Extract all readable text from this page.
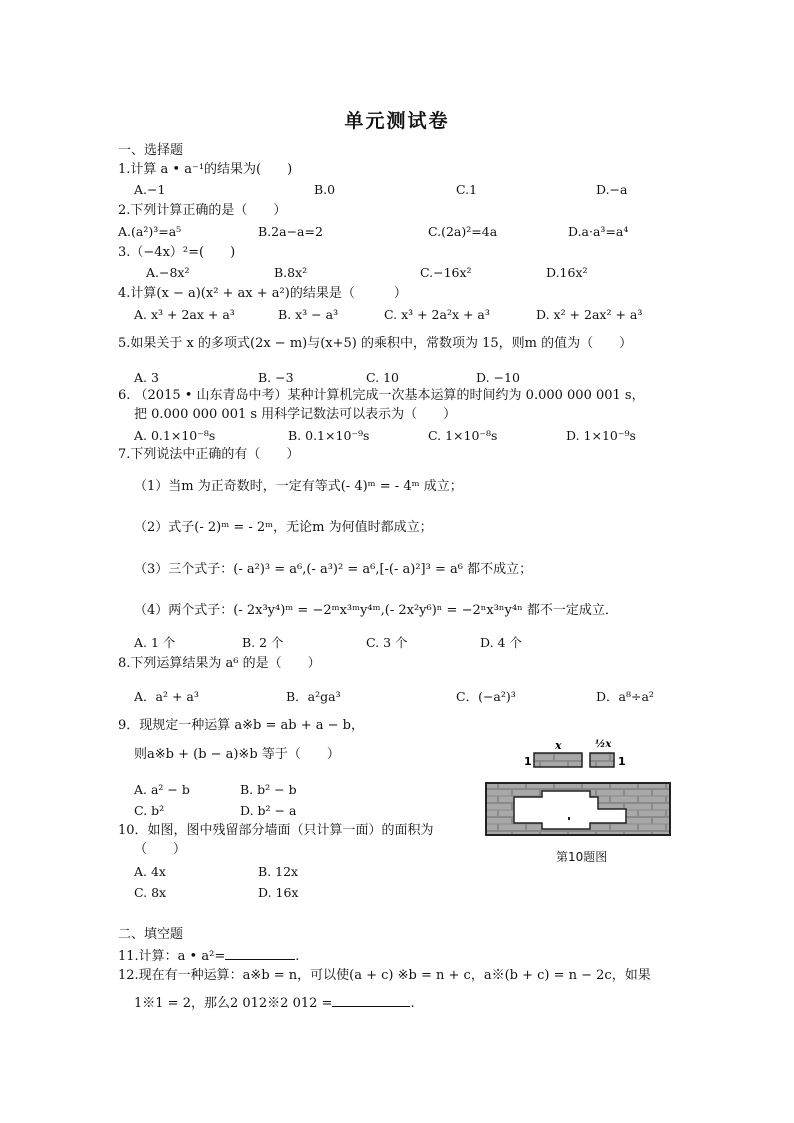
单元测试卷
一、选择题
1.计算 a • a⁻¹的结果为(　　)
A.−1	B.0	C.1	D.−a
2.下列计算正确的是（　　）
A.(a²)³=a⁵	B.2a−a=2	C.(2a)²=4a	D.a·a³=a⁴
3.（−4x）²=(　　)
A.−8x²	B.8x²	C.−16x²	D.16x²
4.计算(x − a)(x² + ax + a²)的结果是（　　　）
A. x³ + 2ax + a³	B. x³ − a³	C. x³ + 2a²x + a³	D. x² + 2ax² + a³
5.如果关于 x 的多项式(2x − m)与(x+5) 的乘积中，常数项为 15，则m 的值为（　　）
A. 3	B. −3	C. 10	D. −10
6. （2015 • 山东青岛中考）某种计算机完成一次基本运算的时间约为 0.000 000 001 s，
把 0.000 000 001 s 用科学记数法可以表示为（　　）
A. 0.1×10⁻⁸s	B. 0.1×10⁻⁹s	C. 1×10⁻⁸s	D. 1×10⁻⁹s
7.下列说法中正确的有（　　）
（1）当m 为正奇数时，一定有等式(- 4)ᵐ = - 4ᵐ 成立；
（2）式子(- 2)ᵐ = - 2ᵐ，无论m 为何值时都成立；
（3）三个式子：(- a²)³ = a⁶,(- a³)² = a⁶,[-(- a)²]³ = a⁶ 都不成立；
（4）两个式子：(- 2x³y⁴)ᵐ = −2ᵐx³ᵐy⁴ᵐ,(- 2x²y⁶)ⁿ = −2ⁿx³ⁿy⁴ⁿ 都不一定成立．
A. 1 个	B. 2 个	C. 3 个	D. 4 个
8.下列运算结果为 a⁶ 的是（　　）
A．a² + a³	B．a²ga³	C．(−a²)³	D．a⁸÷a²
9．现规定一种运算 a※b = ab + a − b，
则a※b + (b − a)※b 等于（　　）
A. a² − b	B. b² − b
C. b²	D. b² − a
10．如图，图中残留部分墙面（只计算一面）的面积为
（　　）
A. 4x	B. 12x
C. 8x	D. 16x
x	½x
1	1
第10题图
二、填空题
11.计算：a • a²=	.
12.现在有一种运算：a※b = n，可以使(a + c) ※b = n + c，a※(b + c) = n − 2c，如果
1※1 = 2，那么2 012※2 012 =	.
